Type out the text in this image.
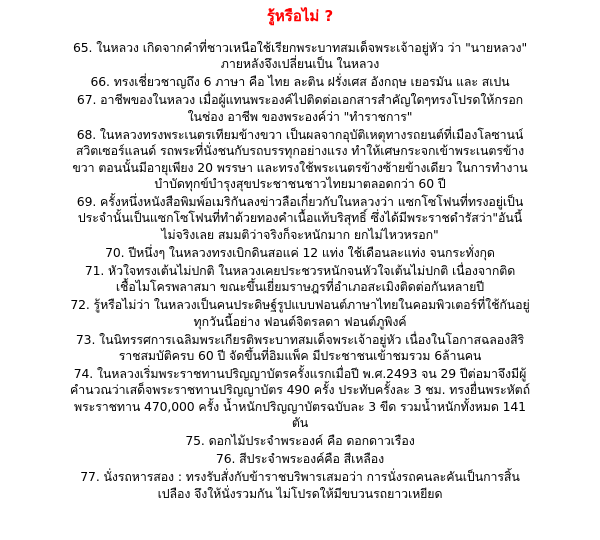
รู้หรือไม่ ?
65. ในหลวง เกิดจากคำที่ชาวเหนือใช้เรียกพระบาทสมเด็จพระเจ้าอยู่หัว ว่า "นายหลวง"
ภายหลังจึงเปลี่ยนเป็น ในหลวง
66. ทรงเชี่ยวชาญถึง 6 ภาษา คือ ไทย ละติน ฝรั่งเศส อังกฤษ เยอรมัน และ สเปน
67. อาชีพของในหลวง เมื่อผู้แทนพระองค์ไปติดต่อเอกสารสำคัญใดๆทรงโปรดให้กรอก
ในช่อง อาชีพ ของพระองค์ว่า "ทำราชการ"
68. ในหลวงทรงพระเนตรเทียมข้างขวา เป็นผลจากอุบัติเหตุทางรถยนต์ที่เมืองโลซานน์
สวิตเซอร์แลนด์ รถพระที่นั่งชนกับรถบรรทุกอย่างแรง ทำให้เศษกระจกเข้าพระเนตรข้าง
ขวา ตอนนั้นมีอายุเพียง 20 พรรษา และทรงใช้พระเนตรข้างซ้ายข้างเดียว ในการทำงาน
บำบัดทุกข์บำรุงสุขประชาชนชาวไทยมาตลอดกว่า 60 ปี
69. ครั้งหนึ่งหนังสือพิมพ์อเมริกันลงข่าวลือเกี่ยวกับในหลวงว่า แซกโซโฟนที่ทรงอยู่เป็น
ประจำนั้นเป็นแซกโซโฟนที่ทำด้วยทองคำเนื้อแท้บริสุทธิ์ ซึ่งได้มีพระราชดำรัสว่า"อันนี้
ไม่จริงเลย สมมติว่าจริงก็จะหนักมาก ยกไม่ไหวหรอก"
70. ปีหนึ่งๆ ในหลวงทรงเบิกดินสอแค่ 12 แท่ง ใช้เดือนละแท่ง จนกระทั่งกุด
71. หัวใจทรงเต้นไม่ปกติ ในหลวงเคยประชวรหนักจนหัวใจเต้นไม่ปกติ เนื่องจากติด
เชื้อไมโครพลาสมา ขณะขึ้นเยี่ยมราษฎรที่อำเภอสะเมิงติดต่อกันหลายปี
72. รู้หรือไม่ว่า ในหลวงเป็นคนประดิษฐ์รูปแบบฟอนต์ภาษาไทยในคอมพิวเตอร์ที่ใช้กันอยู่
ทุกวันนี้อย่าง ฟอนต์จิตรลดา ฟอนต์ภูพิงค์
73. ในนิทรรศการเฉลิมพระเกียรติพระบาทสมเด็จพระเจ้าอยู่หัว เนื่องในโอกาสฉลองสิริ
ราชสมบัติครบ 60 ปี จัดขึ้นที่อิมแพ็ค มีประชาชนเข้าชมรวม 6ล้านคน
74. ในหลวงเริ่มพระราชทานปริญญาบัตรครั้งแรกเมื่อปี พ.ศ.2493 จน 29 ปีต่อมาจึงมีผู้
คำนวณว่าเสด็จพระราชทานปริญญาบัตร 490 ครั้ง ประทับครั้งละ 3 ชม. ทรงยื่นพระหัตถ์
พระราชทาน 470,000 ครั้ง น้ำหนักปริญญาบัตรฉบับละ 3 ขีด รวมน้ำหนักทั้งหมด 141
ตัน
75. ดอกไม้ประจำพระองค์ คือ ดอกดาวเรือง
76. สีประจำพระองค์คือ สีเหลือง
77. นั่งรถหารสอง : ทรงรับสั่งกับข้าราชบริพารเสมอว่า การนั่งรถคนละคันเป็นการสิ้น
เปลือง จึงให้นั่งรวมกัน ไม่โปรดให้มีขบวนรถยาวเหยียด
